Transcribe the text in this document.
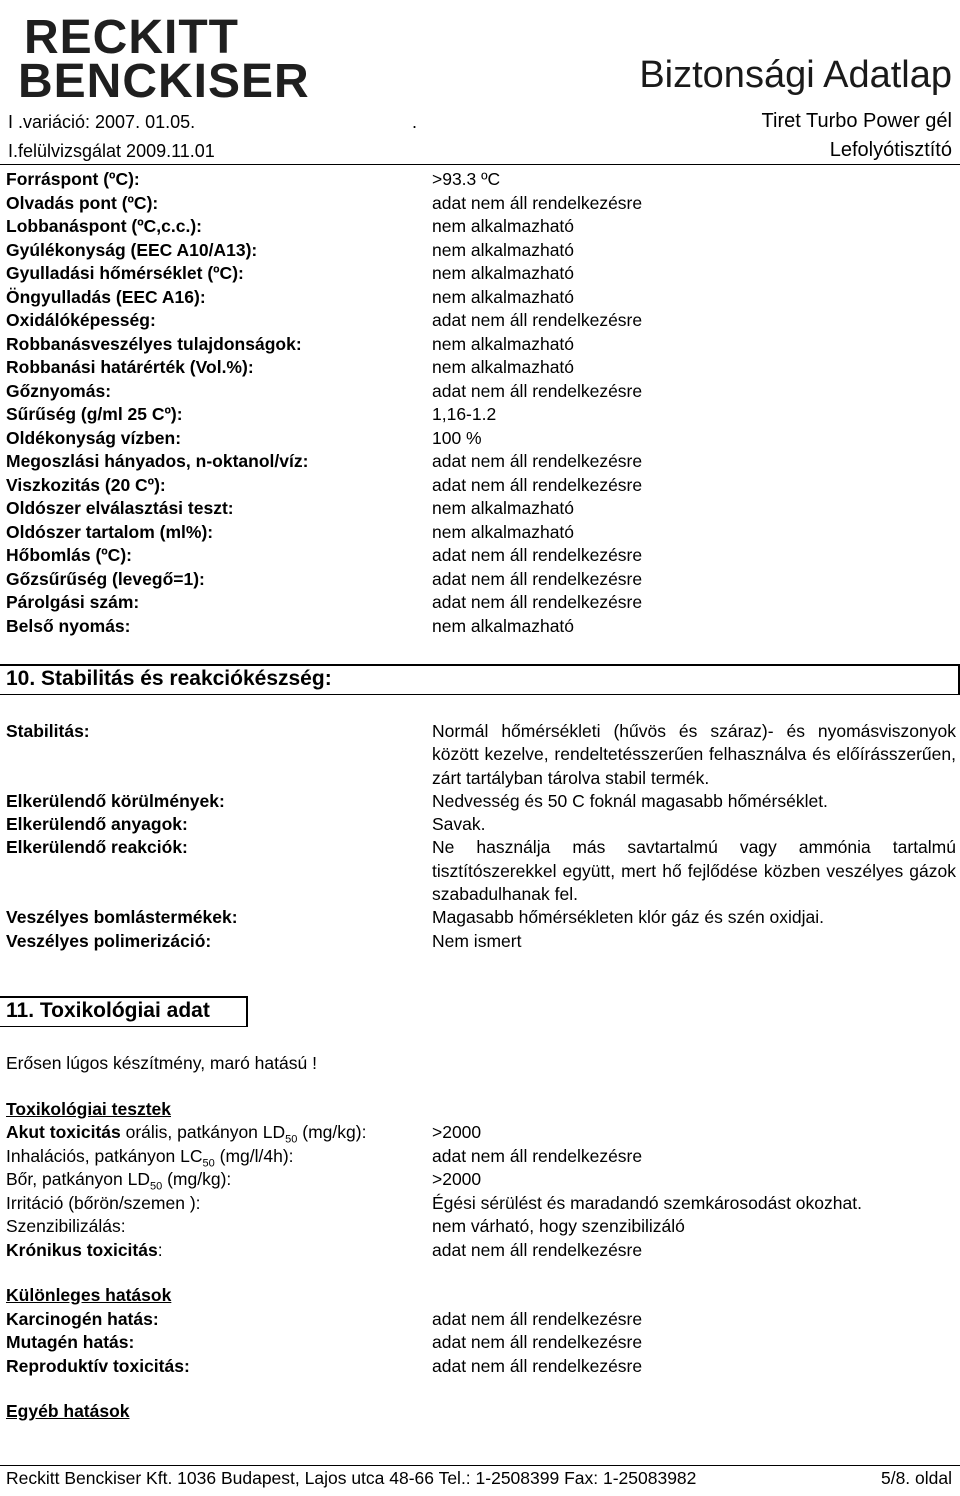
RECKITT
BENCKISER	Biztonsági Adatlap
I .variáció: 2007. 01.05.	.	Tiret Turbo Power gél
I.felülvizsgálat 2009.11.01	Lefolyótisztító
Forráspont (ºC):	>93.3 ºC
Olvadás pont (ºC):	adat nem áll rendelkezésre
Lobbanáspont (ºC,c.c.):	nem alkalmazható
Gyúlékonyság (EEC A10/A13):	nem alkalmazható
Gyulladási hőmérséklet (ºC):	nem alkalmazható
Öngyulladás (EEC A16):	nem alkalmazható
Oxidálóképesség:	adat nem áll rendelkezésre
Robbanásveszélyes tulajdonságok:	nem alkalmazható
Robbanási határérték (Vol.%):	nem alkalmazható
Gőznyomás:	adat nem áll rendelkezésre
Sűrűség (g/ml 25 Cº):	1,16-1.2
Oldékonyság vízben:	100 %
Megoszlási hányados, n-oktanol/víz:	adat nem áll rendelkezésre
Viszkozitás (20 Cº):	adat nem áll rendelkezésre
Oldószer elválasztási teszt:	nem alkalmazható
Oldószer tartalom (ml%):	nem alkalmazható
Hőbomlás (ºC):	adat nem áll rendelkezésre
Gőzsűrűség (levegő=1):	adat nem áll rendelkezésre
Párolgási szám:	adat nem áll rendelkezésre
Belső nyomás:	nem alkalmazható
10. Stabilitás és reakciókészség:
Stabilitás:	Normál hőmérsékleti (hűvös és száraz)- és nyomásviszonyok között kezelve, rendeltetésszerűen felhasználva és előírásszerűen, zárt tartályban tárolva stabil termék.
Elkerülendő körülmények:	Nedvesség és 50 C foknál magasabb hőmérséklet.
Elkerülendő anyagok:	Savak.
Elkerülendő reakciók:	Ne használja más savtartalmú vagy ammónia tartalmú tisztítószerekkel együtt, mert hő fejlődése közben veszélyes gázok szabadulhanak fel.
Veszélyes bomlástermékek:	Magasabb hőmérsékleten klór gáz és szén oxidjai.
Veszélyes polimerizáció:	Nem ismert
11. Toxikológiai adat
Erősen lúgos készítmény, maró hatású !
Toxikológiai tesztek
Akut toxicitás orális, patkányon $LD_{50}$ (mg/kg):	>2000
Inhalációs, patkányon $LC_{50}$ (mg/l/4h):	adat nem áll rendelkezésre
Bőr, patkányon $LD_{50}$ (mg/kg):	>2000
Irritáció (bőrön/szemen ):	Égési sérülést és maradandó szemkárosodást okozhat.
Szenzibilizálás:	nem várható, hogy szenzibilizáló
Krónikus toxicitás:	adat nem áll rendelkezésre
Különleges hatások
Karcinogén hatás:	adat nem áll rendelkezésre
Mutagén hatás:	adat nem áll rendelkezésre
Reproduktív toxicitás:	adat nem áll rendelkezésre
Egyéb hatások
Reckitt Benckiser Kft. 1036 Budapest, Lajos utca 48-66 Tel.: 1-2508399 Fax: 1-25083982	5/8. oldal
